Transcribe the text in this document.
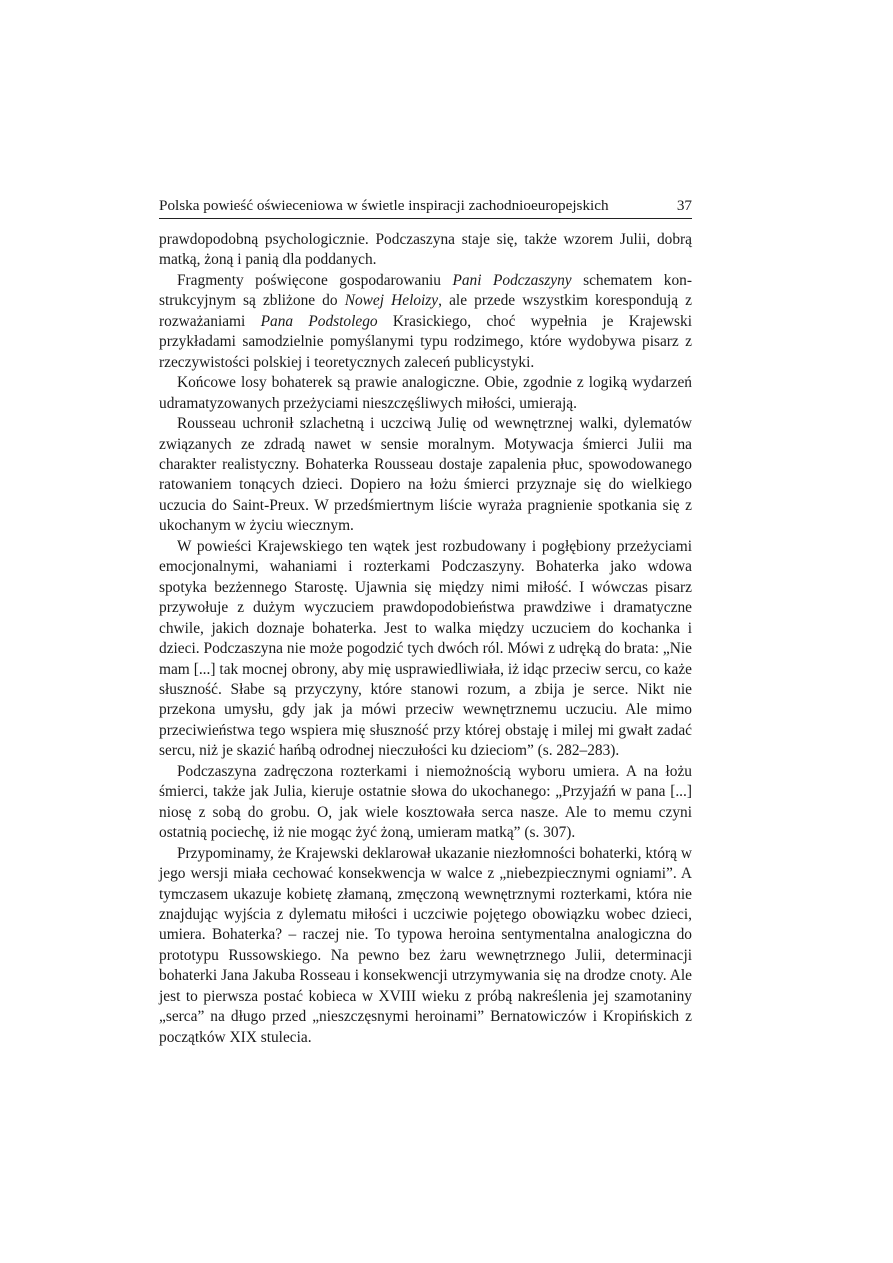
Polska powieść oświeceniowa w świetle inspiracji zachodnioeuropejskich	37

prawdopodobną psychologicznie. Podczaszyna staje się, także wzorem Julii, dobrą matką, żoną i panią dla poddanych.

Fragmenty poświęcone gospodarowaniu Pani Podczaszyny schematem konstrukcyjnym są zbliżone do Nowej Heloizy, ale przede wszystkim korespondują z rozważaniami Pana Podstolego Krasickiego, choć wypełnia je Krajewski przykładami samodzielnie pomyślanymi typu rodzimego, które wydobywa pisarz z rzeczywistości polskiej i teoretycznych zaleceń publicystyki.

Końcowe losy bohaterek są prawie analogiczne. Obie, zgodnie z logiką wydarzeń udramatyzowanych przeżyciami nieszczęśliwych miłości, umierają.

Rousseau uchronił szlachetną i uczciwą Julię od wewnętrznej walki, dylematów związanych ze zdradą nawet w sensie moralnym. Motywacja śmierci Julii ma charakter realistyczny. Bohaterka Rousseau dostaje zapalenia płuc, spowodowanego ratowaniem tonących dzieci. Dopiero na łożu śmierci przyznaje się do wielkiego uczucia do Saint-Preux. W przedśmiertnym liście wyraża pragnienie spotkania się z ukochanym w życiu wiecznym.

W powieści Krajewskiego ten wątek jest rozbudowany i pogłębiony przeżyciami emocjonalnymi, wahaniami i rozterkami Podczaszyny. Bohaterka jako wdowa spotyka bezżennego Starostę. Ujawnia się między nimi miłość. I wówczas pisarz przywołuje z dużym wyczuciem prawdopodobieństwa prawdziwe i dramatyczne chwile, jakich doznaje bohaterka. Jest to walka między uczuciem do kochanka i dzieci. Podczaszyna nie może pogodzić tych dwóch ról. Mówi z udręką do brata: „Nie mam [...] tak mocnej obrony, aby mię usprawiedliwiała, iż idąc przeciw sercu, co każe słuszność. Słabe są przyczyny, które stanowi rozum, a zbija je serce. Nikt nie przekona umysłu, gdy jak ja mówi przeciw wewnętrznemu uczuciu. Ale mimo przeciwieństwa tego wspiera mię słuszność przy której obstaję i milej mi gwałt zadać sercu, niż je skazić hańbą odrodnej nieczułości ku dzieciom” (s. 282–283).

Podczaszyna zadręczona rozterkami i niemożnością wyboru umiera. A na łożu śmierci, także jak Julia, kieruje ostatnie słowa do ukochanego: „Przyjaźń w pana [...] niosę z sobą do grobu. O, jak wiele kosztowała serca nasze. Ale to memu czyni ostatnią pociechę, iż nie mogąc żyć żoną, umieram matką” (s. 307).

Przypominamy, że Krajewski deklarował ukazanie niezłomności bohaterki, którą w jego wersji miała cechować konsekwencja w walce z „niebezpiecznymi ogniami”. A tymczasem ukazuje kobietę złamaną, zmęczoną wewnętrznymi rozterkami, która nie znajdując wyjścia z dylematu miłości i uczciwie pojętego obowiązku wobec dzieci, umiera. Bohaterka? – raczej nie. To typowa heroina sentymentalna analogiczna do prototypu Russowskiego. Na pewno bez żaru wewnętrznego Julii, determinacji bohaterki Jana Jakuba Rosseau i konsekwencji utrzymywania się na drodze cnoty. Ale jest to pierwsza postać kobieca w XVIII wieku z próbą nakreślenia jej szamotaniny „serca” na długo przed „nieszczęsnymi heroinami” Bernatowiczów i Kropińskich z początków XIX stulecia.
